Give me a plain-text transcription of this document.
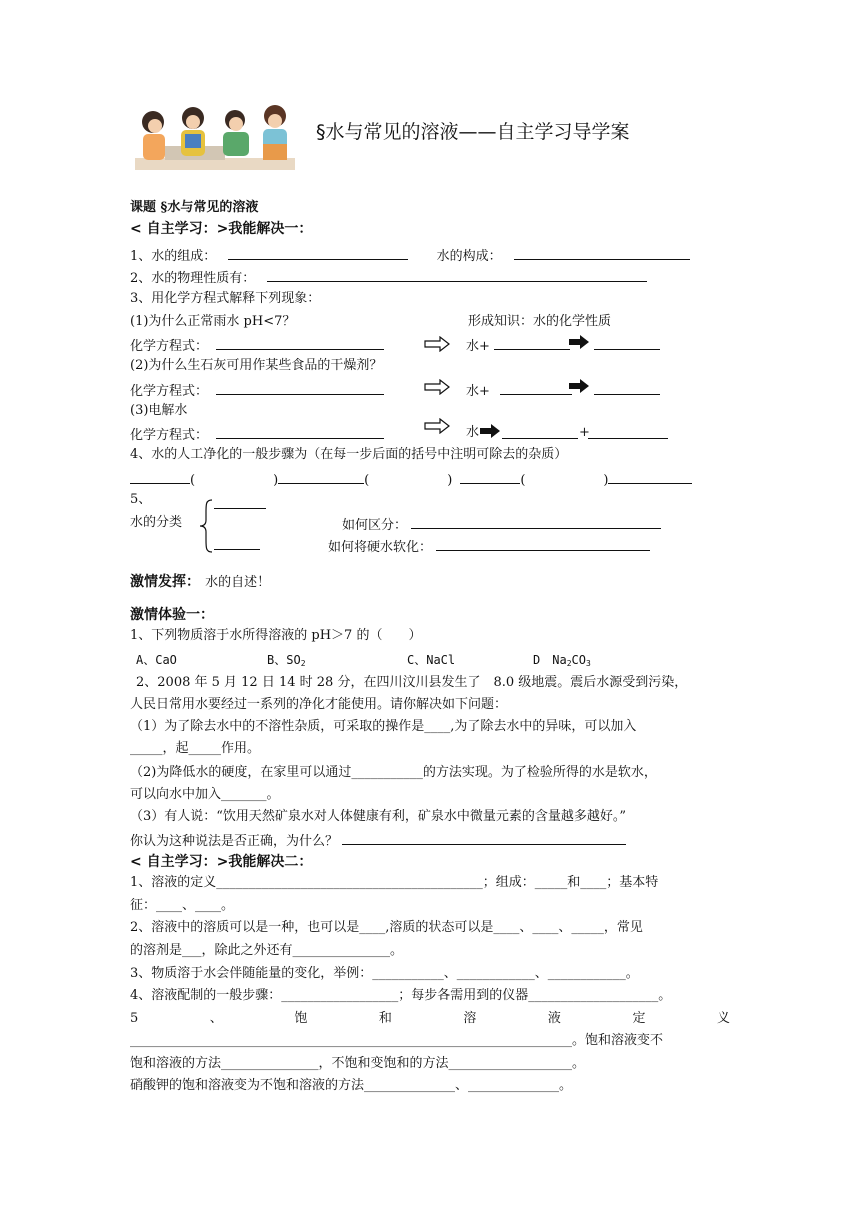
§水与常见的溶液——自主学习导学案
课题 §水与常见的溶液
< 自主学习：>我能解决一：
1、水的组成：	水的构成：
2、水的物理性质有：
3、用化学方程式解释下列现象：
(1)为什么正常雨水 pH<7？	形成知识：水的化学性质
化学方程式：	水+
(2)为什么生石灰可用作某些食品的干燥剂？
化学方程式：	水+
(3)电解水
化学方程式：	水	+
4、水的人工净化的一般步骤为（在每一步后面的括号中注明可除去的杂质）
(	)	(	)	(	)
5、
水的分类	如何区分：
如何将硬水软化：
激情发挥： 水的自述！
激情体验一：
1、下列物质溶于水所得溶液的 pH＞7 的（　　）
A、CaO	B、$SO_2$	C、NaCl	D　$Na_2CO_3$
2、2008 年 5 月 12 日 14 时 28 分，在四川汶川县发生了　8.0 级地震。震后水源受到污染，
人民日常用水要经过一系列的净化才能使用。请你解决如下问题：
（1）为了除去水中的不溶性杂质，可采取的操作是____,为了除去水中的异味，可以加入
_____，起_____作用。
（2)为降低水的硬度，在家里可以通过___________的方法实现。为了检验所得的水是软水，
可以向水中加入_______。
（3）有人说：“饮用天然矿泉水对人体健康有利，矿泉水中微量元素的含量越多越好。”
你认为这种说法是否正确，为什么？
< 自主学习：>我能解决二：
1、溶液的定义_________________________________________；组成：_____和____；基本特
征：____、____。
2、溶液中的溶质可以是一种，也可以是____,溶质的状态可以是____、____、_____，常见
的溶剂是___，除此之外还有_______________。
3、物质溶于水会伴随能量的变化，举例：___________、____________、____________。
4、溶液配制的一般步骤：__________________；每步各需用到的仪器____________________。
5	、	饱	和	溶	液	定	义
____________________________________________________________________。饱和溶液变不
饱和溶液的方法_______________，不饱和变饱和的方法___________________。
硝酸钾的饱和溶液变为不饱和溶液的方法______________、______________。
